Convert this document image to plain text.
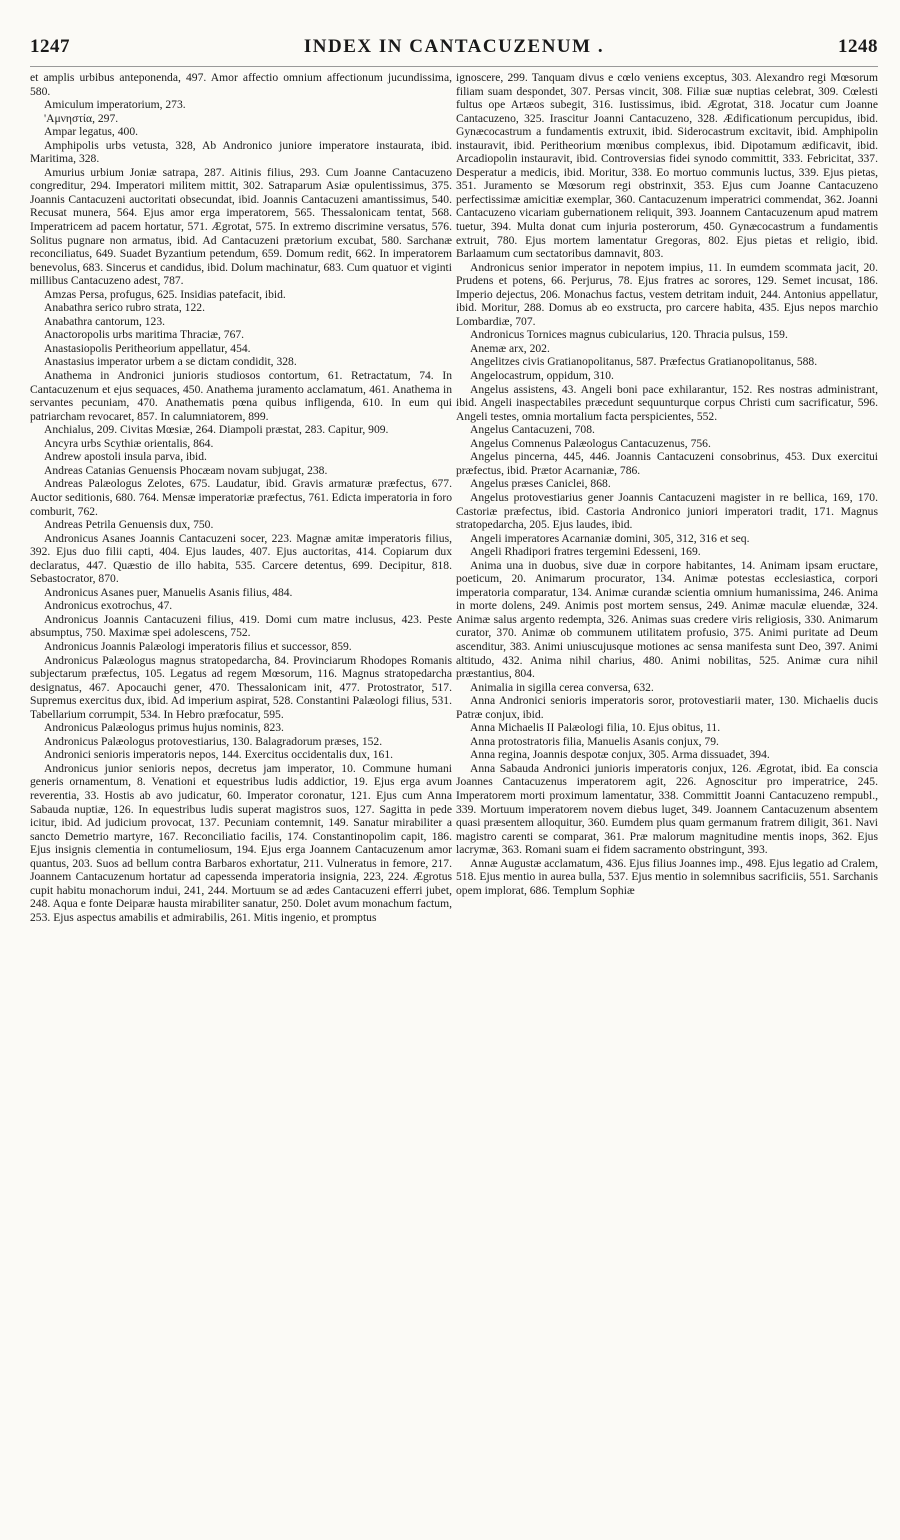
1247	INDEX IN CANTACUZENUM .	1248

et amplis urbibus anteponenda, 497. Amor affectio omnium affectionum jucundissima, 580.

Amiculum imperatorium, 273.

'Αμνηστία, 297.

Ampar legatus, 400.

Amphipolis urbs vetusta, 328, Ab Andronico juniore imperatore instaurata, ibid. Maritima, 328.

Amurius urbium Joniæ satrapa, 287. Aitinis filius, 293. Cum Joanne Cantacuzeno congreditur, 294. Imperatori militem mittit, 302. Satraparum Asiæ opulentissimus, 375. Joannis Cantacuzeni auctoritati obsecundat, ibid. Joannis Cantacuzeni amantissimus, 540. Recusat munera, 564. Ejus amor erga imperatorem, 565. Thessalonicam tentat, 568. Imperatricem ad pacem hortatur, 571. Ægrotat, 575. In extremo discrimine versatus, 576. Solitus pugnare non armatus, ibid. Ad Cantacuzeni prætorium excubat, 580. Sarchanæ reconciliatus, 649. Suadet Byzantium petendum, 659. Domum redit, 662. In imperatorem benevolus, 683. Sincerus et candidus, ibid. Dolum machinatur, 683. Cum quatuor et viginti millibus Cantacuzeno adest, 787.

Amzas Persa, profugus, 625. Insidias patefacit, ibid.

Anabathra serico rubro strata, 122.

Anabathra cantorum, 123.

Anactoropolis urbs maritima Thraciæ, 767.

Anastasiopolis Peritheorium appellatur, 454.

Anastasius imperator urbem a se dictam condidit, 328.

Anathema in Andronici junioris studiosos contortum, 61. Retractatum, 74. In Cantacuzenum et ejus sequaces, 450. Anathema juramento acclamatum, 461. Anathema in servantes pecuniam, 470. Anathematis pœna quibus infligenda, 610. In eum qui patriarcham revocaret, 857. In calumniatorem, 899.

Anchialus, 209. Civitas Mœsiæ, 264. Diampoli præstat, 283. Capitur, 909.

Ancyra urbs Scythiæ orientalis, 864.

Andrew apostoli insula parva, ibid.

Andreas Catanias Genuensis Phocæam novam subjugat, 238.

Andreas Palæologus Zelotes, 675. Laudatur, ibid. Gravis armaturæ præfectus, 677. Auctor seditionis, 680. 764. Mensæ imperatoriæ præfectus, 761. Edicta imperatoria in foro comburit, 762.

Andreas Petrila Genuensis dux, 750.

Andronicus Asanes Joannis Cantacuzeni socer, 223. Magnæ amitæ imperatoris filius, 392. Ejus duo filii capti, 404. Ejus laudes, 407. Ejus auctoritas, 414. Copiarum dux declaratus, 447. Quæstio de illo habita, 535. Carcere detentus, 699. Decipitur, 818. Sebastocrator, 870.

Andronicus Asanes puer, Manuelis Asanis filius, 484.

Andronicus exotrochus, 47.

Andronicus Joannis Cantacuzeni filius, 419. Domi cum matre inclusus, 423. Peste absumptus, 750. Maximæ spei adolescens, 752.

Andronicus Joannis Palæologi imperatoris filius et successor, 859.

Andronicus Palæologus magnus stratopedarcha, 84. Provinciarum Rhodopes Romanis subjectarum præfectus, 105. Legatus ad regem Mœsorum, 116. Magnus stratopedarcha designatus, 467. Apocauchi gener, 470. Thessalonicam init, 477. Protostrator, 517. Supremus exercitus dux, ibid. Ad imperium aspirat, 528. Constantini Palæologi filius, 531. Tabellarium corrumpit, 534. In Hebro præfocatur, 595.

Andronicus Palæologus primus hujus nominis, 823.

Andronicus Palæologus protovestiarius, 130. Balagradorum præses, 152.

Andronici senioris imperatoris nepos, 144. Exercitus occidentalis dux, 161.

Andronicus junior senioris nepos, decretus jam imperator, 10. Commune humani generis ornamentum, 8. Venationi et equestribus ludis addictior, 19. Ejus erga avum reverentia, 33. Hostis ab avo judicatur, 60. Imperator coronatur, 121. Ejus cum Anna Sabauda nuptiæ, 126. In equestribus ludis superat magistros suos, 127. Sagitta in pede icitur, ibid. Ad judicium provocat, 137. Pecuniam contemnit, 149. Sanatur mirabiliter a sancto Demetrio martyre, 167. Reconciliatio facilis, 174. Constantinopolim capit, 186. Ejus insignis clementia in contumeliosum, 194. Ejus erga Joannem Cantacuzenum amor quantus, 203. Suos ad bellum contra Barbaros exhortatur, 211. Vulneratus in femore, 217. Joannem Cantacuzenum hortatur ad capessenda imperatoria insignia, 223, 224. Ægrotus cupit habitu monachorum indui, 241, 244. Mortuum se ad ædes Cantacuzeni efferri jubet, 248. Aqua e fonte Deiparæ hausta mirabiliter sanatur, 250. Dolet avum monachum factum, 253. Ejus aspectus amabilis et admirabilis, 261. Mitis ingenio, et promptus

ignoscere, 299. Tanquam divus e cœlo veniens exceptus, 303. Alexandro regi Mœsorum filiam suam despondet, 307. Persas vincit, 308. Filiæ suæ nuptias celebrat, 309. Cœlesti fultus ope Artæos subegit, 316. Iustissimus, ibid. Ægrotat, 318. Jocatur cum Joanne Cantacuzeno, 325. Irascitur Joanni Cantacuzeno, 328. Ædificationum percupidus, ibid. Gynæcocastrum a fundamentis extruxit, ibid. Siderocastrum excitavit, ibid. Amphipolin instauravit, ibid. Peritheorium mœnibus complexus, ibid. Dipotamum ædificavit, ibid. Arcadiopolin instauravit, ibid. Controversias fidei synodo committit, 333. Febricitat, 337. Desperatur a medicis, ibid. Moritur, 338. Eo mortuo communis luctus, 339. Ejus pietas, 351. Juramento se Mœsorum regi obstrinxit, 353. Ejus cum Joanne Cantacuzeno perfectissimæ amicitiæ exemplar, 360. Cantacuzenum imperatrici commendat, 362. Joanni Cantacuzeno vicariam gubernationem reliquit, 393. Joannem Cantacuzenum apud matrem tuetur, 394. Multa donat cum injuria posterorum, 450. Gynæcocastrum a fundamentis extruit, 780. Ejus mortem lamentatur Gregoras, 802. Ejus pietas et religio, ibid. Barlaamum cum sectatoribus damnavit, 803.

Andronicus senior imperator in nepotem impius, 11. In eumdem scommata jacit, 20. Prudens et potens, 66. Perjurus, 78. Ejus fratres ac sorores, 129. Semet incusat, 186. Imperio dejectus, 206. Monachus factus, vestem detritam induit, 244. Antonius appellatur, ibid. Moritur, 288. Domus ab eo exstructa, pro carcere habita, 435. Ejus nepos marchio Lombardiæ, 707.

Andronicus Tornices magnus cubicularius, 120. Thracia pulsus, 159.

Anemæ arx, 202.

Angelitzes civis Gratianopolitanus, 587. Præfectus Gratianopolitanus, 588.

Angelocastrum, oppidum, 310.

Angelus assistens, 43. Angeli boni pace exhilarantur, 152. Res nostras administrant, ibid. Angeli inaspectabiles præcedunt sequunturque corpus Christi cum sacrificatur, 596. Angeli testes, omnia mortalium facta perspicientes, 552.

Angelus Cantacuzeni, 708.

Angelus Comnenus Palæologus Cantacuzenus, 756.

Angelus pincerna, 445, 446. Joannis Cantacuzeni consobrinus, 453. Dux exercitui præfectus, ibid. Prætor Acarnaniæ, 786.

Angelus præses Caniclei, 868.

Angelus protovestiarius gener Joannis Cantacuzeni magister in re bellica, 169, 170. Castoriæ præfectus, ibid. Castoria Andronico juniori imperatori tradit, 171. Magnus stratopedarcha, 205. Ejus laudes, ibid.

Angeli imperatores Acarnaniæ domini, 305, 312, 316 et seq.

Angeli Rhadipori fratres tergemini Edesseni, 169.

Anima una in duobus, sive duæ in corpore habitantes, 14. Animam ipsam eructare, poeticum, 20. Animarum procurator, 134. Animæ potestas ecclesiastica, corpori imperatoria comparatur, 134. Animæ curandæ scientia omnium humanissima, 246. Anima in morte dolens, 249. Animis post mortem sensus, 249. Animæ maculæ eluendæ, 324. Animæ salus argento redempta, 326. Animas suas credere viris religiosis, 330. Animarum curator, 370. Animæ ob communem utilitatem profusio, 375. Animi puritate ad Deum ascenditur, 383. Animi uniuscujusque motiones ac sensa manifesta sunt Deo, 397. Animi altitudo, 432. Anima nihil charius, 480. Animi nobilitas, 525. Animæ cura nihil præstantius, 804.

Animalia in sigilla cerea conversa, 632.

Anna Andronici senioris imperatoris soror, protovestiarii mater, 130. Michaelis ducis Patræ conjux, ibid.

Anna Michaelis II Palæologi filia, 10. Ejus obitus, 11.

Anna protostratoris filia, Manuelis Asanis conjux, 79.

Anna regina, Joannis despotæ conjux, 305. Arma dissuadet, 394.

Anna Sabauda Andronici junioris imperatoris conjux, 126. Ægrotat, ibid. Ea conscia Joannes Cantacuzenus imperatorem agit, 226. Agnoscitur pro imperatrice, 245. Imperatorem morti proximum lamentatur, 338. Committit Joanni Cantacuzeno rempubl., 339. Mortuum imperatorem novem diebus luget, 349. Joannem Cantacuzenum absentem quasi præsentem alloquitur, 360. Eumdem plus quam germanum fratrem diligit, 361. Navi magistro carenti se comparat, 361. Præ malorum magnitudine mentis inops, 362. Ejus lacrymæ, 363. Romani suam ei fidem sacramento obstringunt, 393.

Annæ Augustæ acclamatum, 436. Ejus filius Joannes imp., 498. Ejus legatio ad Cralem, 518. Ejus mentio in aurea bulla, 537. Ejus mentio in solemnibus sacrificiis, 551. Sarchanis opem implorat, 686. Templum Sophiæ
